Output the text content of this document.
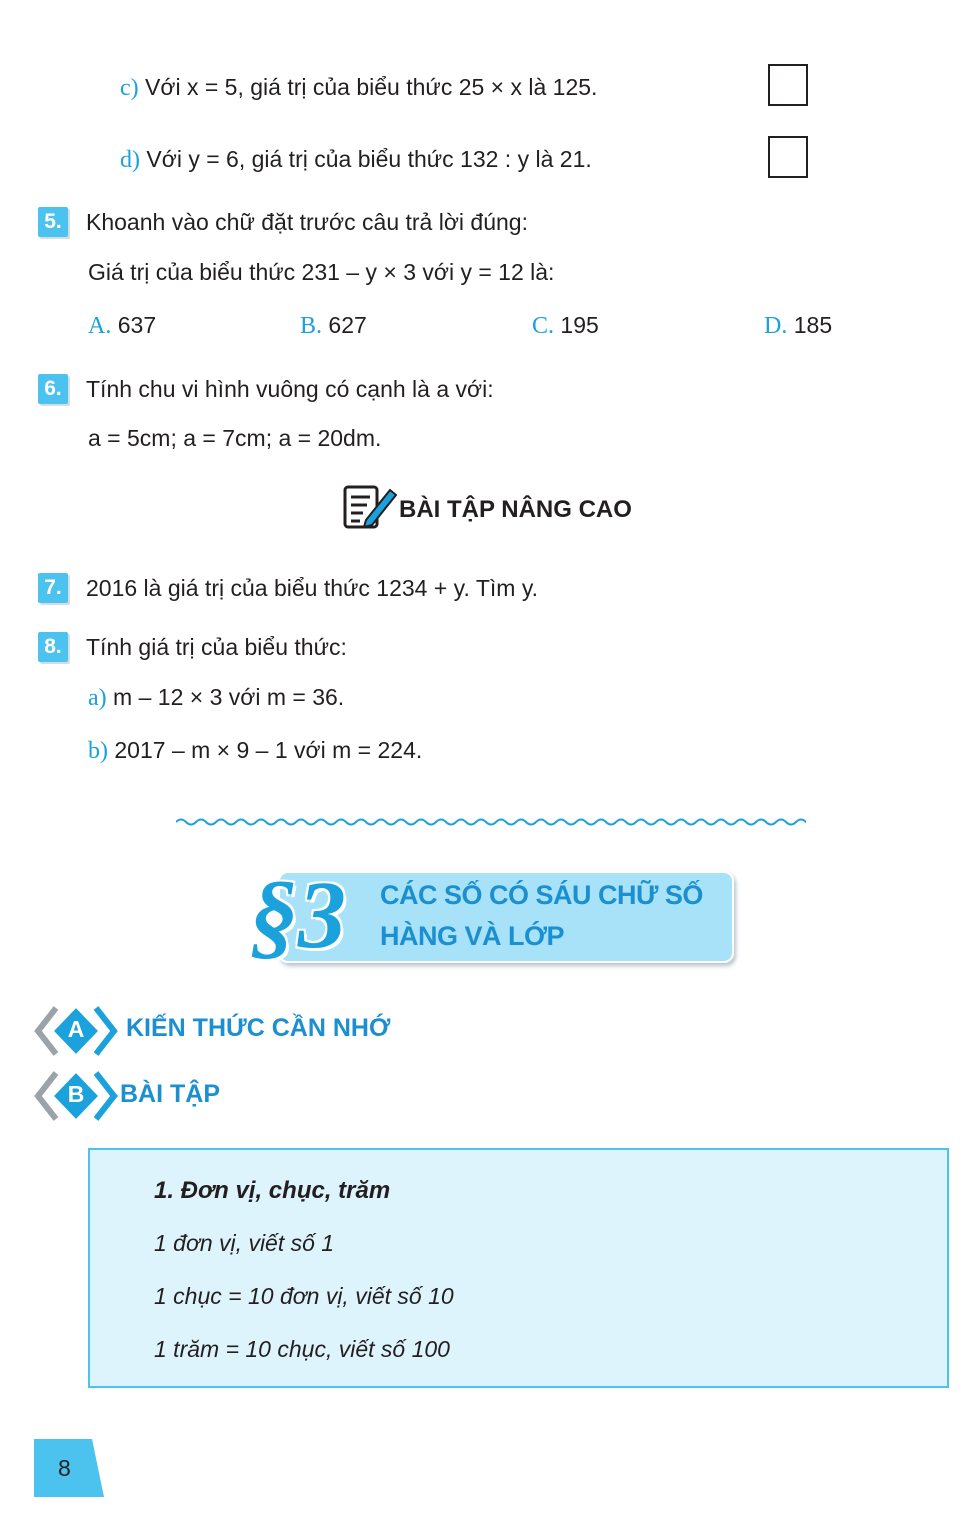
c) Với x = 5, giá trị của biểu thức 25 × x là 125.
d) Với y = 6, giá trị của biểu thức 132 : y là 21.
5. Khoanh vào chữ đặt trước câu trả lời đúng:
Giá trị của biểu thức 231 – y × 3 với y = 12 là:
A. 637	B. 627	C. 195	D. 185
6. Tính chu vi hình vuông có cạnh là a với:
a = 5cm; a = 7cm; a = 20dm.
BÀI TẬP NÂNG CAO
7. 2016 là giá trị của biểu thức 1234 + y. Tìm y.
8. Tính giá trị của biểu thức:
a) m – 12 × 3 với m = 36.
b) 2017 – m × 9 – 1 với m = 224.
§3 CÁC SỐ CÓ SÁU CHỮ SỐ
HÀNG VÀ LỚP
A KIẾN THỨC CẦN NHỚ
B BÀI TẬP
1. Đơn vị, chục, trăm
1 đơn vị, viết số 1
1 chục = 10 đơn vị, viết số 10
1 trăm = 10 chục, viết số 100
8
